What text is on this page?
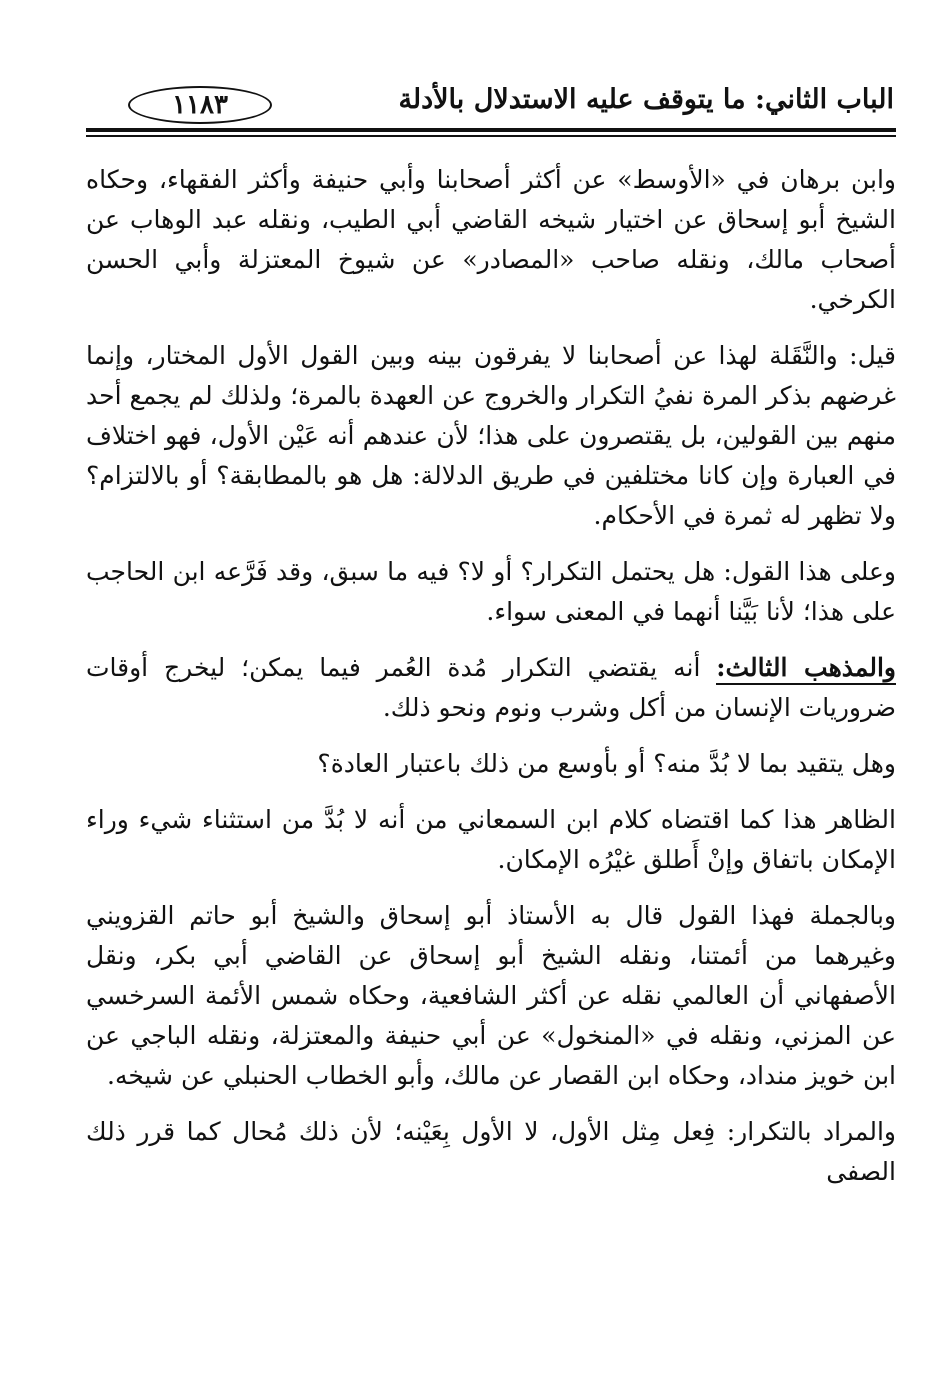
الباب الثاني: ما يتوقف عليه الاستدلال بالأدلة
١١٨٣

وابن برهان في «الأوسط» عن أكثر أصحابنا وأبي حنيفة وأكثر الفقهاء، وحكاه الشيخ أبو إسحاق عن اختيار شيخه القاضي أبي الطيب، ونقله عبد الوهاب عن أصحاب مالك، ونقله صاحب «المصادر» عن شيوخ المعتزلة وأبي الحسن الكرخي.

قيل: والنَّقَلة لهذا عن أصحابنا لا يفرقون بينه وبين القول الأول المختار، وإنما غرضهم بذكر المرة نفيُ التكرار والخروج عن العهدة بالمرة؛ ولذلك لم يجمع أحد منهم بين القولين، بل يقتصرون على هذا؛ لأن عندهم أنه عَيْن الأول، فهو اختلاف في العبارة وإن كانا مختلفين في طريق الدلالة: هل هو بالمطابقة؟ أو بالالتزام؟ ولا تظهر له ثمرة في الأحكام.

وعلى هذا القول: هل يحتمل التكرار؟ أو لا؟ فيه ما سبق، وقد فَرَّعه ابن الحاجب على هذا؛ لأنا بَيَّنا أنهما في المعنى سواء.

والمذهب الثالث: أنه يقتضي التكرار مُدة العُمر فيما يمكن؛ ليخرج أوقات ضروريات الإنسان من أكل وشرب ونوم ونحو ذلك.

وهل يتقيد بما لا بُدَّ منه؟ أو بأوسع من ذلك باعتبار العادة؟

الظاهر هذا كما اقتضاه كلام ابن السمعاني من أنه لا بُدَّ من استثناء شيء وراء الإمكان باتفاق وإنْ أَطلق غيْرُه الإمكان.

وبالجملة فهذا القول قال به الأستاذ أبو إسحاق والشيخ أبو حاتم القزويني وغيرهما من أئمتنا، ونقله الشيخ أبو إسحاق عن القاضي أبي بكر، ونقل الأصفهاني أن العالمي نقله عن أكثر الشافعية، وحكاه شمس الأئمة السرخسي عن المزني، ونقله في «المنخول» عن أبي حنيفة والمعتزلة، ونقله الباجي عن ابن خويز منداد، وحكاه ابن القصار عن مالك، وأبو الخطاب الحنبلي عن شيخه.

والمراد بالتكرار: فِعل مِثل الأول، لا الأول بِعَيْنه؛ لأن ذلك مُحال كما قرر ذلك الصفى
